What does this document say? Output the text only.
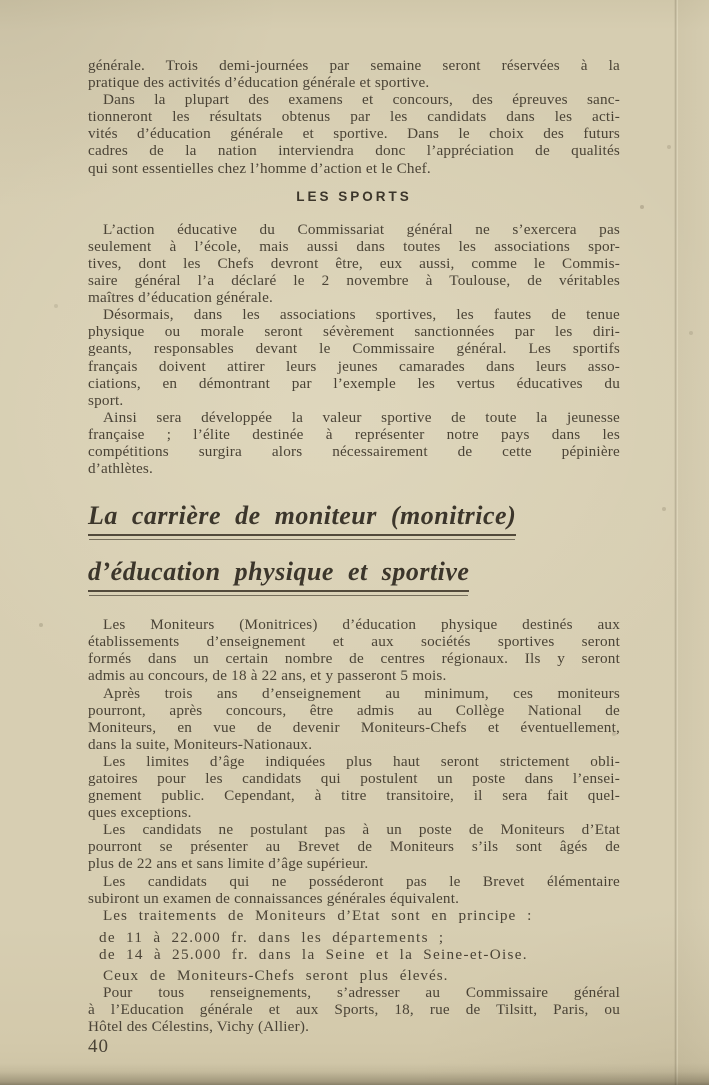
générale. Trois demi-journées par semaine seront réservées à la
pratique des activités d’éducation générale et sportive.
Dans la plupart des examens et concours, des épreuves sanc-
tionneront les résultats obtenus par les candidats dans les acti-
vités d’éducation générale et sportive. Dans le choix des futurs
cadres de la nation interviendra donc l’appréciation de qualités
qui sont essentielles chez l’homme d’action et le Chef.
LES SPORTS
L’action éducative du Commissariat général ne s’exercera pas
seulement à l’école, mais aussi dans toutes les associations spor-
tives, dont les Chefs devront être, eux aussi, comme le Commis-
saire général l’a déclaré le 2 novembre à Toulouse, de véritables
maîtres d’éducation générale.
Désormais, dans les associations sportives, les fautes de tenue
physique ou morale seront sévèrement sanctionnées par les diri-
geants, responsables devant le Commissaire général. Les sportifs
français doivent attirer leurs jeunes camarades dans leurs asso-
ciations, en démontrant par l’exemple les vertus éducatives du
sport.
Ainsi sera développée la valeur sportive de toute la jeunesse
française ; l’élite destinée à représenter notre pays dans les
compétitions surgira alors nécessairement de cette pépinière
d’athlètes.
La carrière de moniteur (monitrice)
d’éducation physique et sportive
Les Moniteurs (Monitrices) d’éducation physique destinés aux
établissements d’enseignement et aux sociétés sportives seront
formés dans un certain nombre de centres régionaux. Ils y seront
admis au concours, de 18 à 22 ans, et y passeront 5 mois.
Après trois ans d’enseignement au minimum, ces moniteurs
pourront, après concours, être admis au Collège National de
Moniteurs, en vue de devenir Moniteurs-Chefs et éventuellement,
dans la suite, Moniteurs-Nationaux.
Les limites d’âge indiquées plus haut seront strictement obli-
gatoires pour les candidats qui postulent un poste dans l’ensei-
gnement public. Cependant, à titre transitoire, il sera fait quel-
ques exceptions.
Les candidats ne postulant pas à un poste de Moniteurs d’Etat
pourront se présenter au Brevet de Moniteurs s’ils sont âgés de
plus de 22 ans et sans limite d’âge supérieur.
Les candidats qui ne posséderont pas le Brevet élémentaire
subiront un examen de connaissances générales équivalent.
Les traitements de Moniteurs d’Etat sont en principe :
de 11 à 22.000 fr. dans les départements ;
de 14 à 25.000 fr. dans la Seine et la Seine-et-Oise.
Ceux de Moniteurs-Chefs seront plus élevés.
Pour tous renseignements, s’adresser au Commissaire général
à l’Education générale et aux Sports, 18, rue de Tilsitt, Paris, ou
Hôtel des Célestins, Vichy (Allier).
40
